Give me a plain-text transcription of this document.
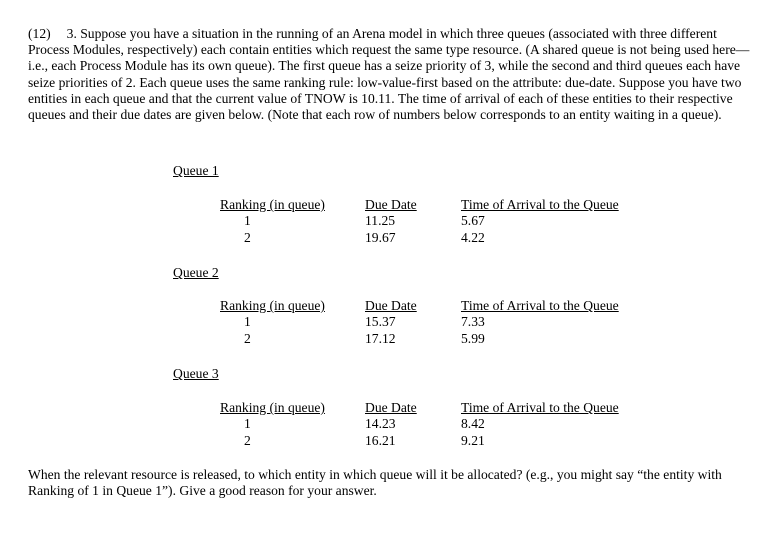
(12) 3. Suppose you have a situation in the running of an Arena model in which three queues (associated with three different Process Modules, respectively) each contain entities which request the same type resource. (A shared queue is not being used here—i.e., each Process Module has its own queue). The first queue has a seize priority of 3, while the second and third queues each have seize priorities of 2. Each queue uses the same ranking rule: low-value-first based on the attribute: due-date. Suppose you have two entities in each queue and that the current value of TNOW is 10.11. The time of arrival of each of these entities to their respective queues and their due dates are given below. (Note that each row of numbers below corresponds to an entity waiting in a queue).

Queue 1

Ranking (in queue)	Due Date	Time of Arrival to the Queue
1	11.25	5.67
2	19.67	4.22

Queue 2

Ranking (in queue)	Due Date	Time of Arrival to the Queue
1	15.37	7.33
2	17.12	5.99

Queue 3

Ranking (in queue)	Due Date	Time of Arrival to the Queue
1	14.23	8.42
2	16.21	9.21

When the relevant resource is released, to which entity in which queue will it be allocated? (e.g., you might say “the entity with Ranking of 1 in Queue 1”). Give a good reason for your answer.
